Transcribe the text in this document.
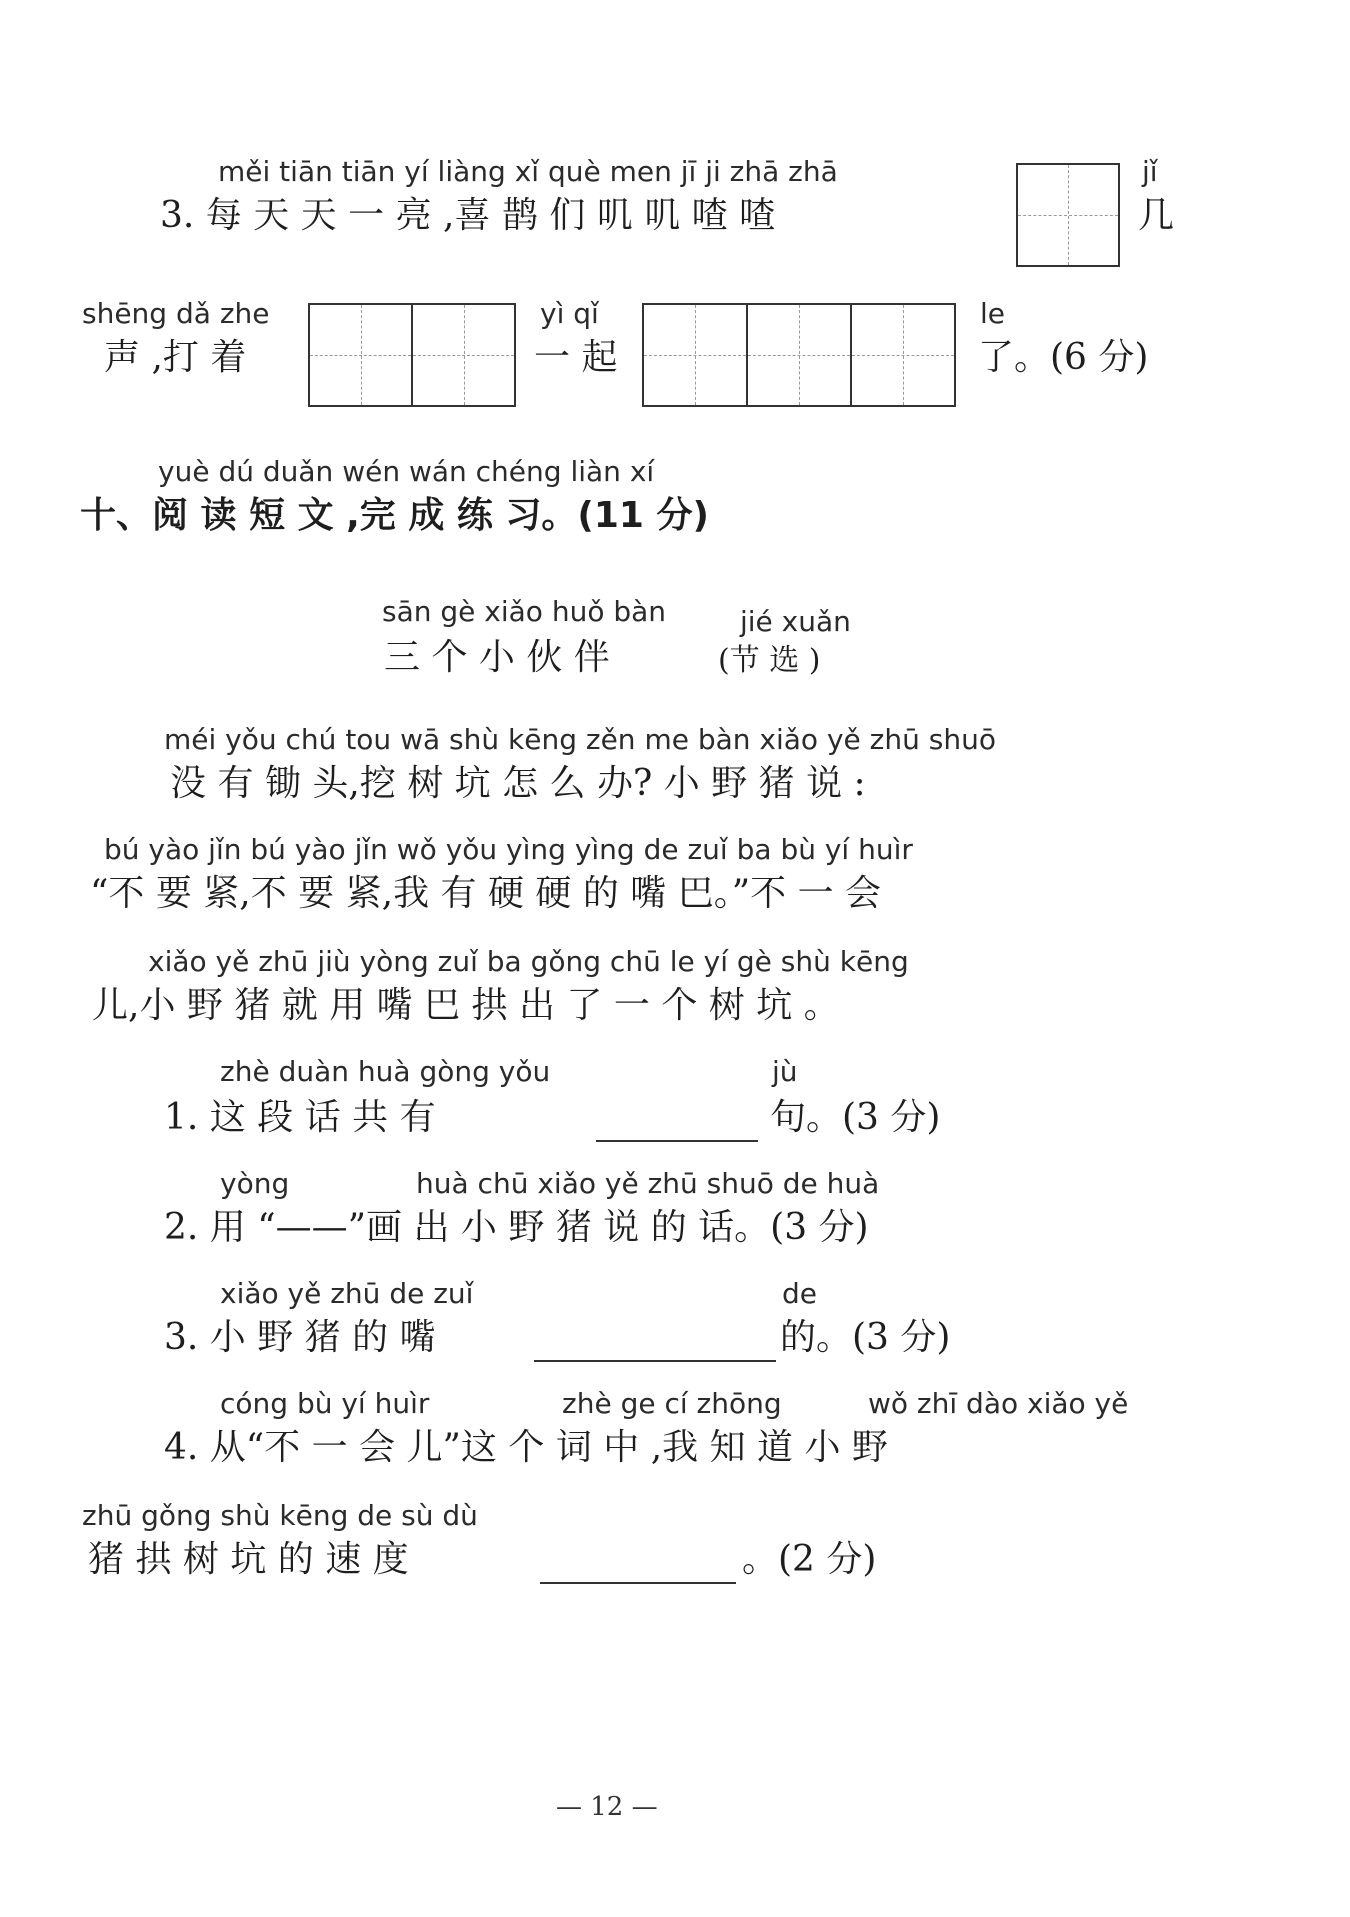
měi tiān tiān yí liàng xǐ què men jī ji zhā zhā
3. 每 天 天 一 亮 ,喜 鹊 们 叽 叽 喳 喳
jǐ
几
shēng dǎ zhe
声 ,打 着
yì qǐ
一 起
le
了。(6 分)
yuè dú duǎn wén wán chéng liàn xí
十、阅 读 短 文 ,完 成 练 习。(11 分)
sān gè xiǎo huǒ bàn	jié xuǎn
三 个 小 伙 伴	(节 选 )
méi yǒu chú tou wā shù kēng zěn me bàn xiǎo yě zhū shuō
没 有 锄 头,挖 树 坑 怎 么 办? 小 野 猪 说 :
bú yào jǐn bú yào jǐn wǒ yǒu yìng yìng de zuǐ ba bù yí huìr
“不 要 紧,不 要 紧,我 有 硬 硬 的 嘴 巴。”不 一 会
xiǎo yě zhū jiù yòng zuǐ ba gǒng chū le yí gè shù kēng
儿,小 野 猪 就 用 嘴 巴 拱 出 了 一 个 树 坑 。
zhè duàn huà gòng yǒu
1. 这 段 话 共 有
jù
句。(3 分)
yòng	huà chū xiǎo yě zhū shuō de huà
2. 用 “——”画 出 小 野 猪 说 的 话。(3 分)
xiǎo yě zhū de zuǐ
3. 小 野 猪 的 嘴
de
的。(3 分)
cóng bù yí huìr	zhè ge cí zhōng	wǒ zhī dào xiǎo yě
4. 从“不 一 会 儿”这 个 词 中 ,我 知 道 小 野
zhū gǒng shù kēng de sù dù
猪 拱 树 坑 的 速 度	。(2 分)
— 12 —
